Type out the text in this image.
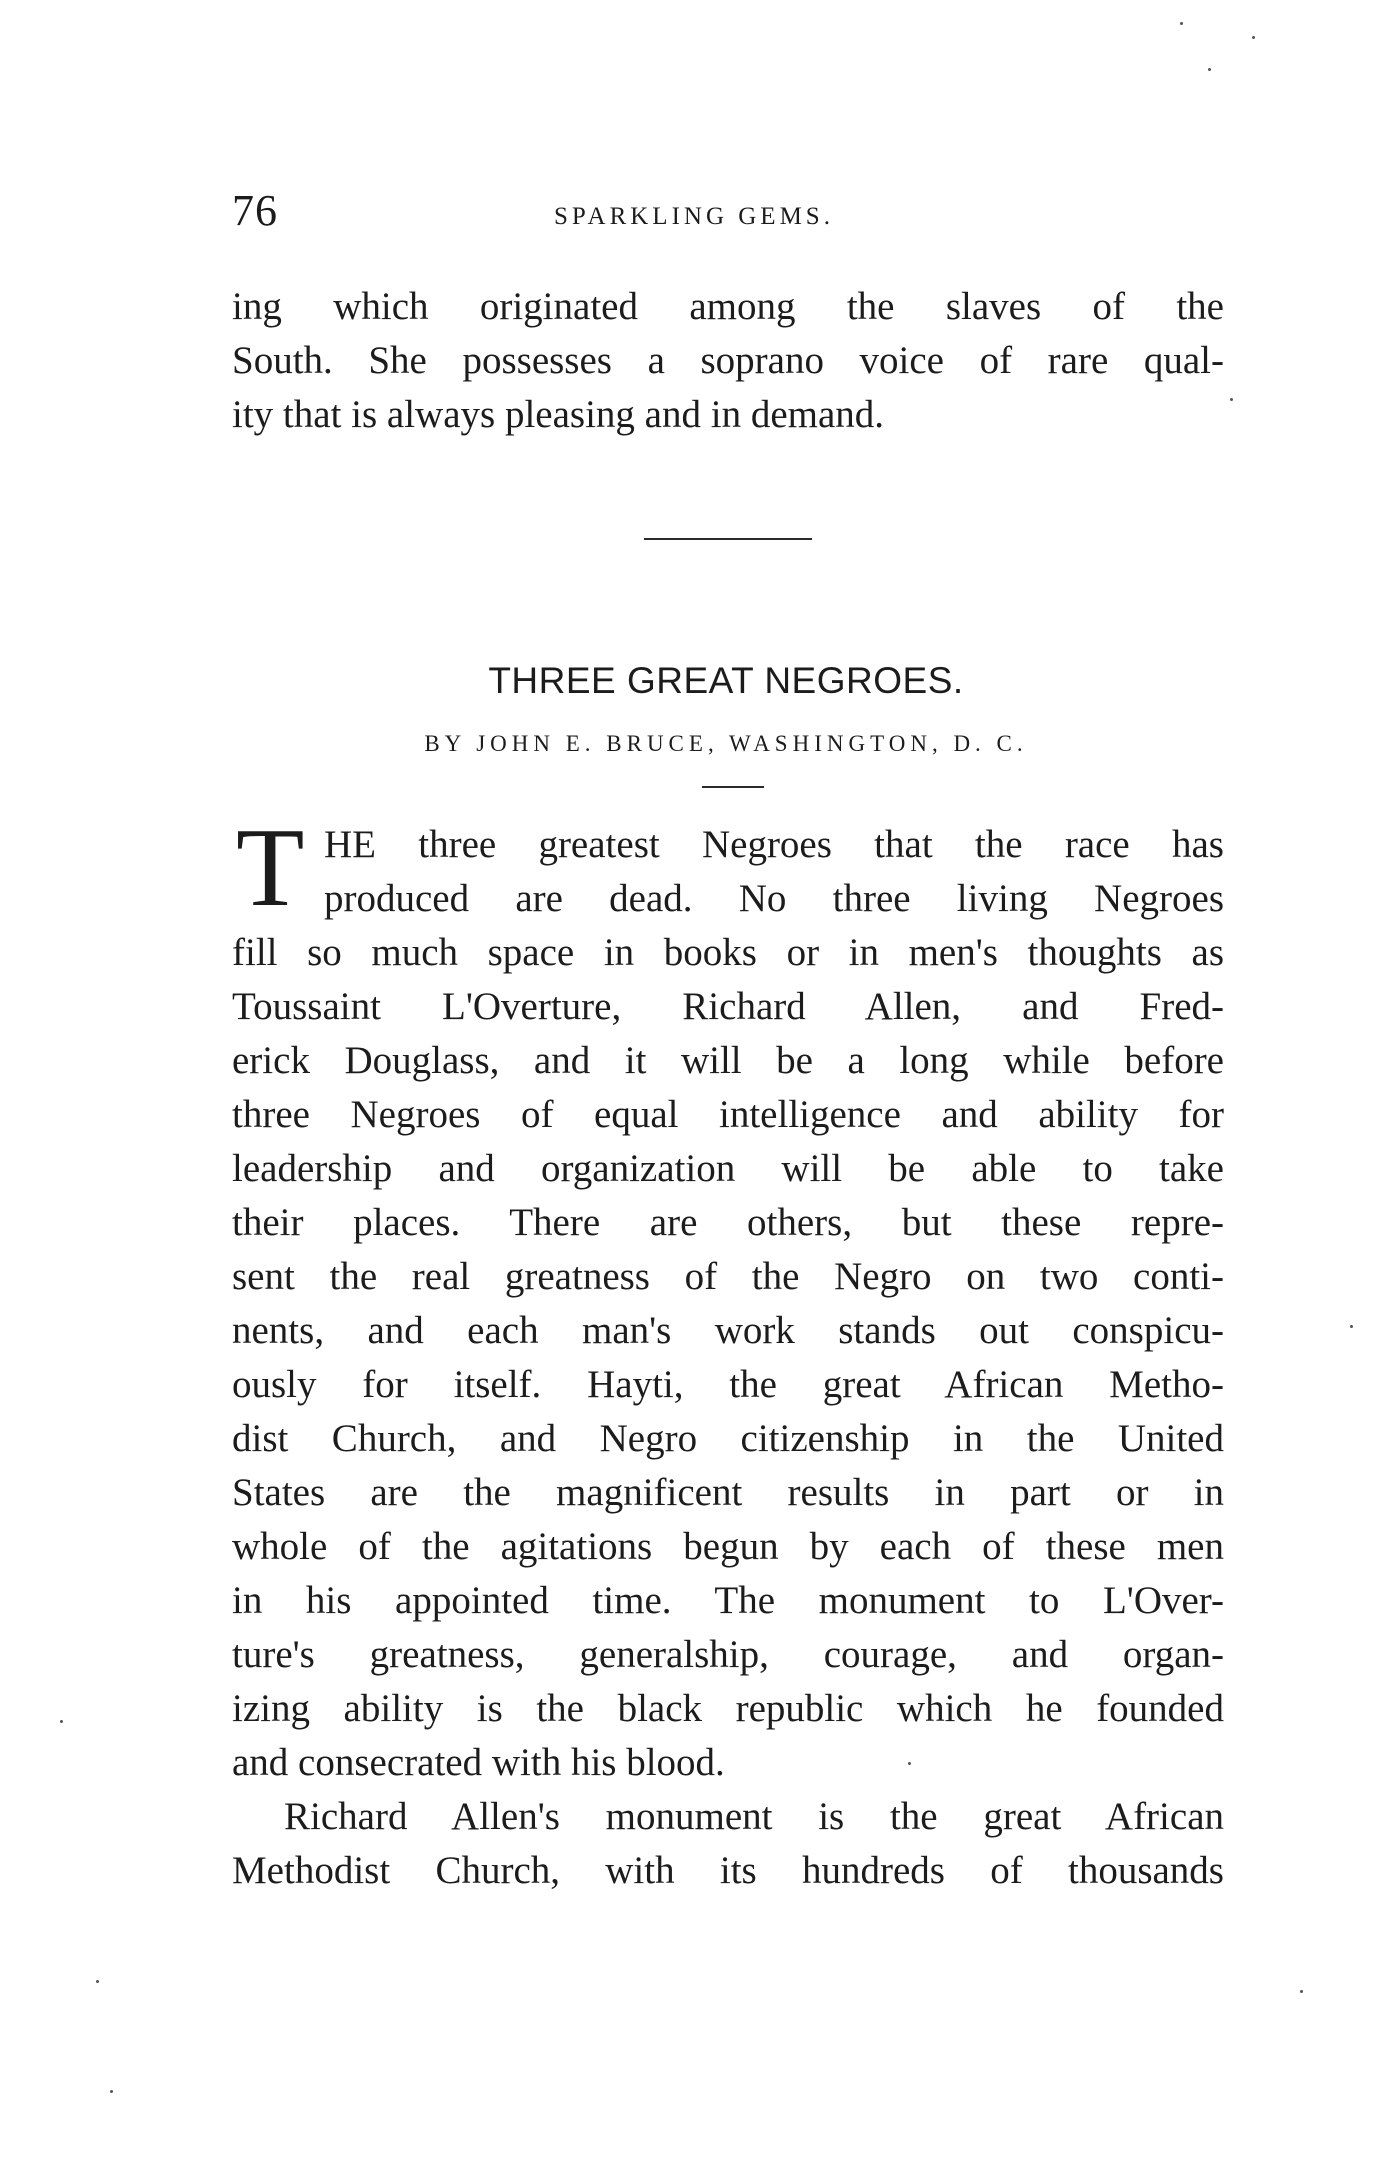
76	SPARKLING GEMS.
ing which originated among the slaves of the
South. She possesses a soprano voice of rare qual-
ity that is always pleasing and in demand.
THREE GREAT NEGROES.
BY JOHN E. BRUCE, WASHINGTON, D. C.
T HE three greatest Negroes that the race has
produced are dead. No three living Negroes
fill so much space in books or in men's thoughts as
Toussaint L'Overture, Richard Allen, and Fred-
erick Douglass, and it will be a long while before
three Negroes of equal intelligence and ability for
leadership and organization will be able to take
their places. There are others, but these repre-
sent the real greatness of the Negro on two conti-
nents, and each man's work stands out conspicu-
ously for itself. Hayti, the great African Metho-
dist Church, and Negro citizenship in the United
States are the magnificent results in part or in
whole of the agitations begun by each of these men
in his appointed time. The monument to L'Over-
ture's greatness, generalship, courage, and organ-
izing ability is the black republic which he founded
and consecrated with his blood.
Richard Allen's monument is the great African
Methodist Church, with its hundreds of thousands
